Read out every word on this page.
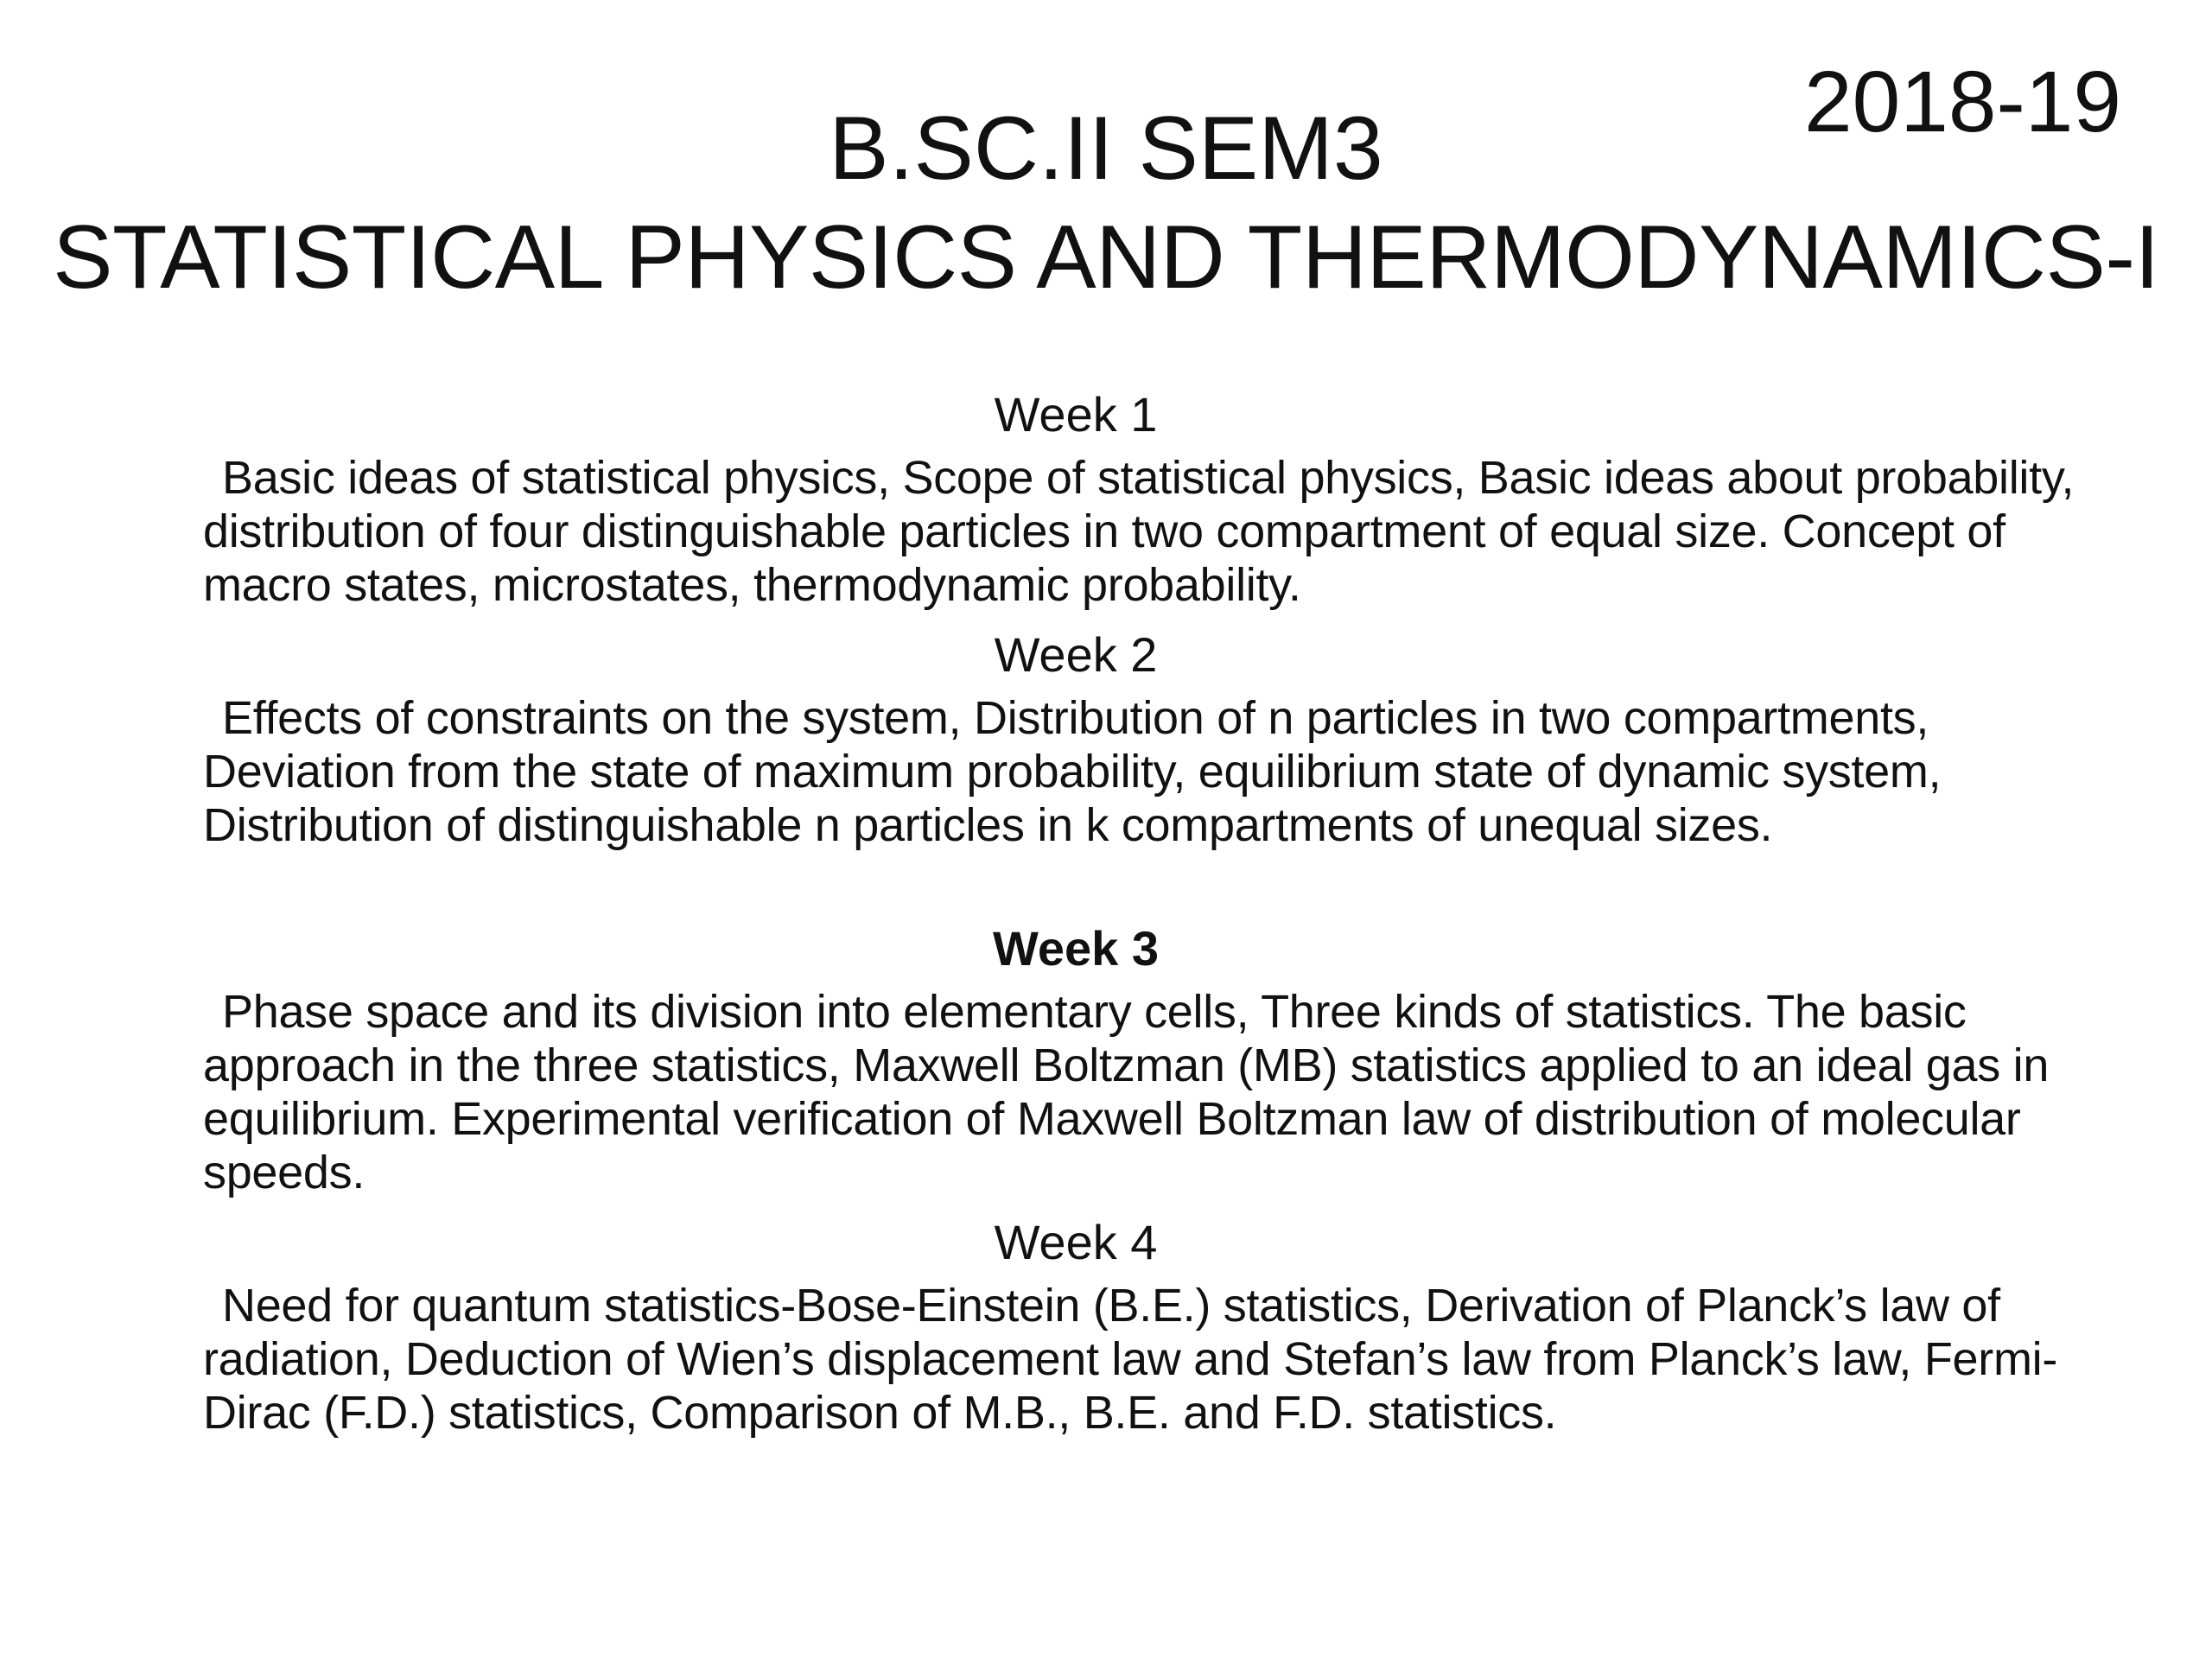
2018-19
B.SC.II SEM3
STATISTICAL PHYSICS AND THERMODYNAMICS-I
Week 1
Basic ideas of statistical physics, Scope of statistical physics, Basic ideas about probability, distribution of four distinguishable particles in two compartment of equal size. Concept of macro states, microstates, thermodynamic probability.
Week 2
Effects of constraints on the system, Distribution of n particles in two compartments, Deviation from the state of maximum probability, equilibrium state of dynamic system, Distribution of distinguishable n particles in k compartments of unequal sizes.
Week 3
Phase space and its division into elementary cells, Three kinds of statistics. The basic approach in the three statistics, Maxwell Boltzman (MB) statistics applied to an ideal gas in equilibrium. Experimental verification of Maxwell Boltzman law of distribution of molecular speeds.
Week 4
Need for quantum statistics-Bose-Einstein (B.E.) statistics, Derivation of Planck’s law of radiation, Deduction of Wien’s displacement law and Stefan’s law from Planck’s law, Fermi-Dirac (F.D.) statistics, Comparison of M.B., B.E. and F.D. statistics.
